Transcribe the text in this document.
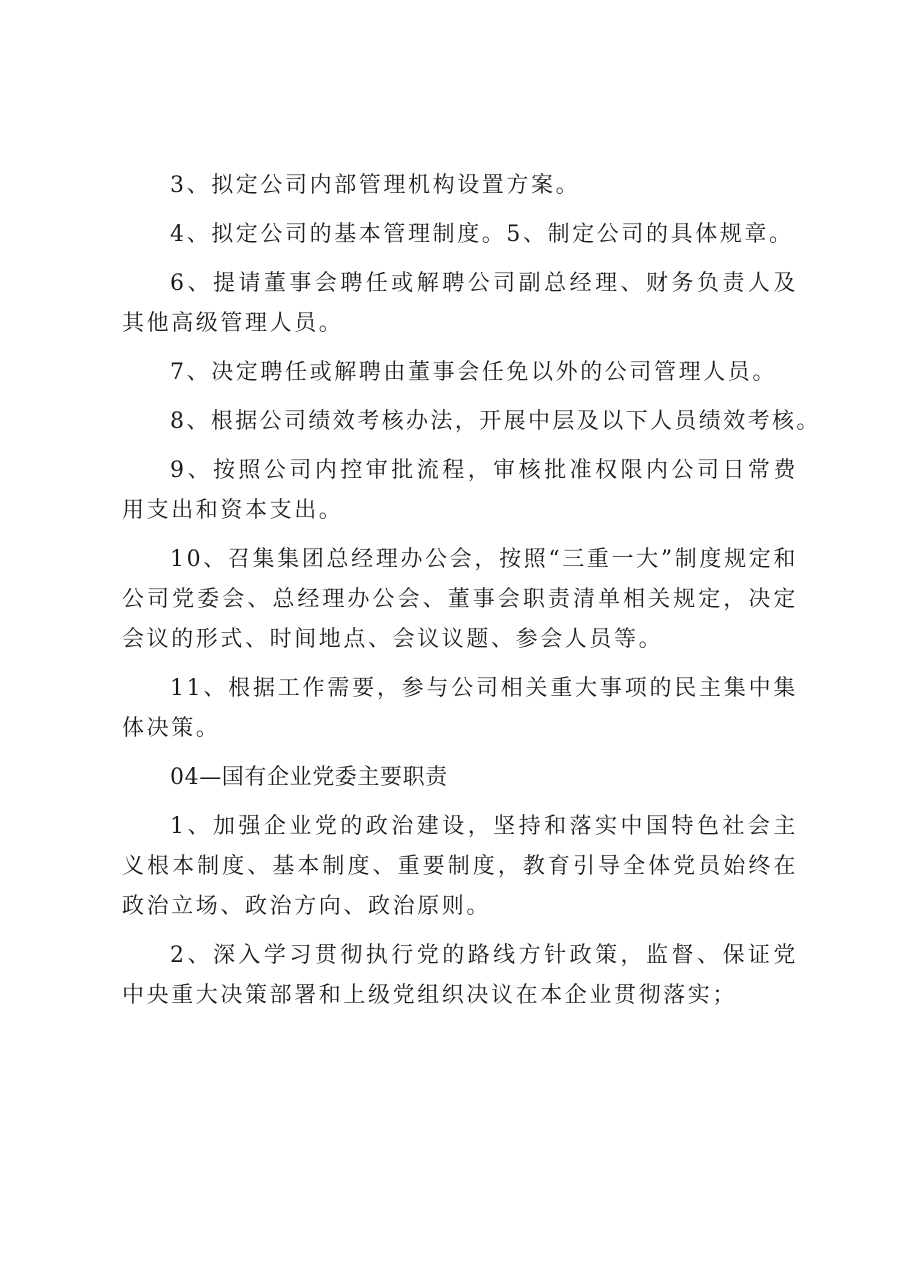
3、拟定公司内部管理机构设置方案。

4、拟定公司的基本管理制度。5、制定公司的具体规章。

6、提请董事会聘任或解聘公司副总经理、财务负责人及其他高级管理人员。

7、决定聘任或解聘由董事会任免以外的公司管理人员。

8、根据公司绩效考核办法，开展中层及以下人员绩效考核。

9、按照公司内控审批流程，审核批准权限内公司日常费用支出和资本支出。

10、召集集团总经理办公会，按照“三重一大”制度规定和公司党委会、总经理办公会、董事会职责清单相关规定，决定会议的形式、时间地点、会议议题、参会人员等。

11、根据工作需要，参与公司相关重大事项的民主集中集体决策。

04—国有企业党委主要职责

1、加强企业党的政治建设，坚持和落实中国特色社会主义根本制度、基本制度、重要制度，教育引导全体党员始终在政治立场、政治方向、政治原则。

2、深入学习贯彻执行党的路线方针政策，监督、保证党中央重大决策部署和上级党组织决议在本企业贯彻落实；
